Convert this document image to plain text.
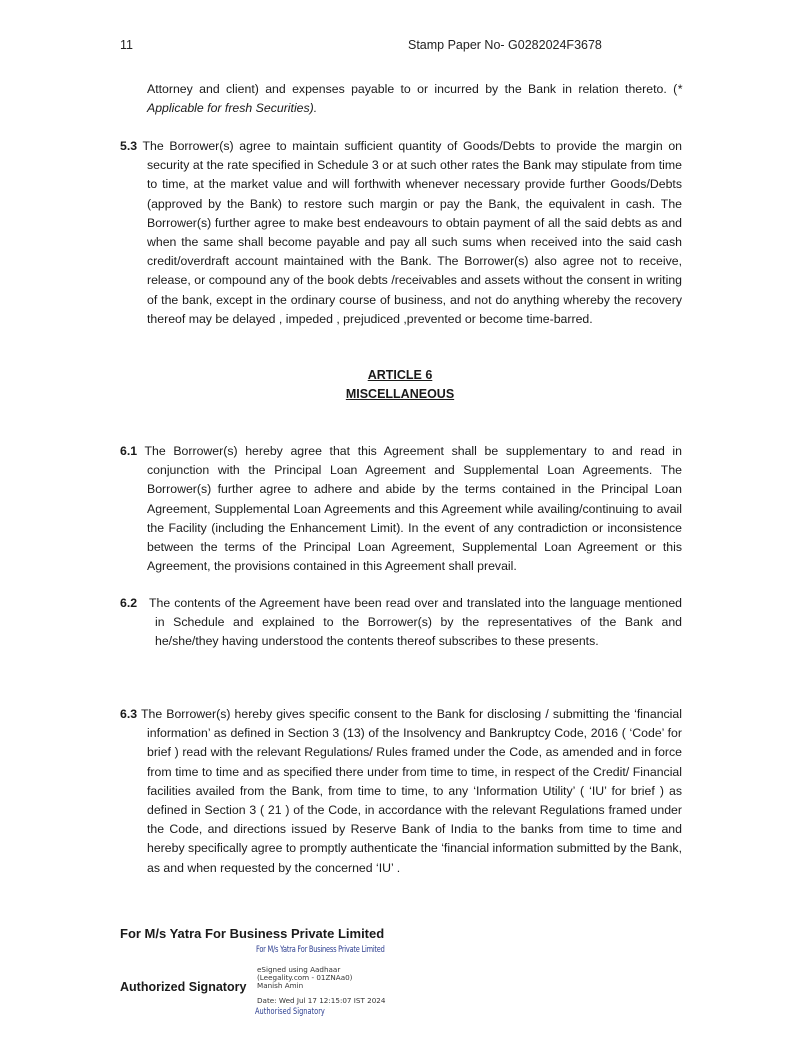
11	Stamp Paper No- G0282024F3678
Attorney and client) and expenses payable to or incurred by the Bank in relation thereto. (* Applicable for fresh Securities).

5.3 The Borrower(s) agree to maintain sufficient quantity of Goods/Debts to provide the margin on security at the rate specified in Schedule 3 or at such other rates the Bank may stipulate from time to time, at the market value and will forthwith whenever necessary provide further Goods/Debts (approved by the Bank) to restore such margin or pay the Bank, the equivalent in cash. The Borrower(s) further agree to make best endeavours to obtain payment of all the said debts as and when the same shall become payable and pay all such sums when received into the said cash credit/overdraft account maintained with the Bank. The Borrower(s) also agree not to receive, release, or compound any of the book debts /receivables and assets without the consent in writing of the bank, except in the ordinary course of business, and not do anything whereby the recovery thereof may be delayed , impeded , prejudiced ,prevented or become time-barred.

ARTICLE 6
MISCELLANEOUS

6.1 The Borrower(s) hereby agree that this Agreement shall be supplementary to and read in conjunction with the Principal Loan Agreement and Supplemental Loan Agreements. The Borrower(s) further agree to adhere and abide by the terms contained in the Principal Loan Agreement, Supplemental Loan Agreements and this Agreement while availing/continuing to avail the Facility (including the Enhancement Limit). In the event of any contradiction or inconsistence between the terms of the Principal Loan Agreement, Supplemental Loan Agreement or this Agreement, the provisions contained in this Agreement shall prevail.

6.2 The contents of the Agreement have been read over and translated into the language mentioned in Schedule and explained to the Borrower(s) by the representatives of the Bank and he/she/they having understood the contents thereof subscribes to these presents.

6.3 The Borrower(s) hereby gives specific consent to the Bank for disclosing / submitting the ‘financial information’ as defined in Section 3 (13) of the Insolvency and Bankruptcy Code, 2016 ( ‘Code’ for brief ) read with the relevant Regulations/ Rules framed under the Code, as amended and in force from time to time and as specified there under from time to time, in respect of the Credit/ Financial facilities availed from the Bank, from time to time, to any ‘Information Utility’ ( ‘IU’ for brief ) as defined in Section 3 ( 21 ) of the Code, in accordance with the relevant Regulations framed under the Code, and directions issued by Reserve Bank of India to the banks from time to time and hereby specifically agree to promptly authenticate the ‘financial information submitted by the Bank, as and when requested by the concerned ‘IU’ .

For M/s Yatra For Business Private Limited
For M/s Yatra For Business Private Limited
Authorized Signatory
eSigned using Aadhaar
(Leegality.com - 01ZNAa0)
Manish Amin
Date: Wed Jul 17 12:15:07 IST 2024
Authorised Signatory
